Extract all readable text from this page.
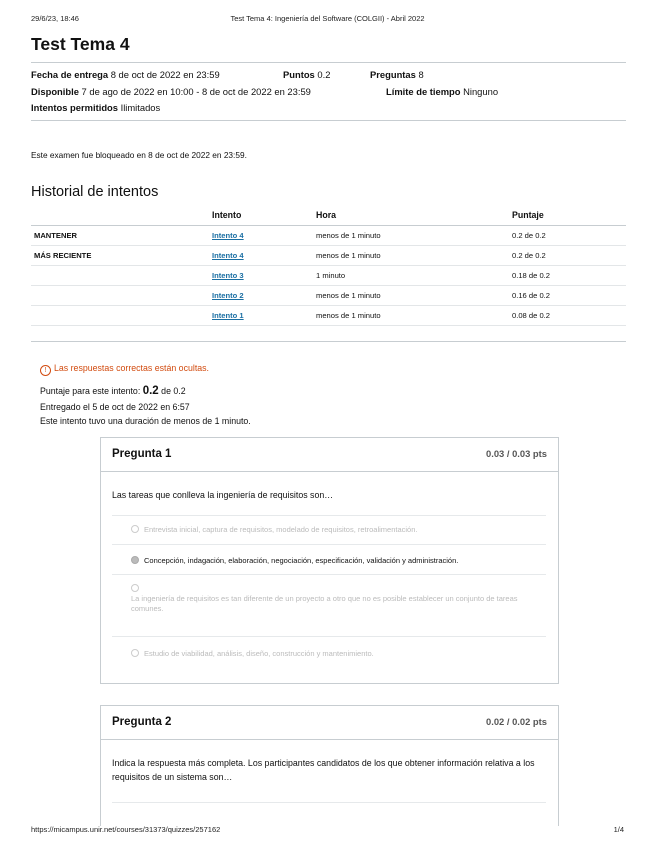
29/6/23, 18:46	Test Tema 4: Ingeniería del Software (COLGII) - Abril 2022
Test Tema 4
Fecha de entrega 8 de oct de 2022 en 23:59	Puntos 0.2	Preguntas 8
Disponible 7 de ago de 2022 en 10:00 - 8 de oct de 2022 en 23:59	Límite de tiempo Ninguno
Intentos permitidos Ilimitados
Este examen fue bloqueado en 8 de oct de 2022 en 23:59.
Historial de intentos
	Intento	Hora	Puntaje
MANTENER	Intento 4	menos de 1 minuto	0.2 de 0.2
MÁS RECIENTE	Intento 4	menos de 1 minuto	0.2 de 0.2
	Intento 3	1 minuto	0.18 de 0.2
	Intento 2	menos de 1 minuto	0.16 de 0.2
	Intento 1	menos de 1 minuto	0.08 de 0.2
! Las respuestas correctas están ocultas.
Puntaje para este intento: 0.2 de 0.2
Entregado el 5 de oct de 2022 en 6:57
Este intento tuvo una duración de menos de 1 minuto.
Pregunta 1	0.03 / 0.03 pts
Las tareas que conlleva la ingeniería de requisitos son…
Entrevista inicial, captura de requisitos, modelado de requisitos, retroalimentación.
Concepción, indagación, elaboración, negociación, especificación, validación y administración.

La ingeniería de requisitos es tan diferente de un proyecto a otro que no es posible establecer un conjunto de tareas comunes.
Estudio de viabilidad, análisis, diseño, construcción y mantenimiento.
Pregunta 2	0.02 / 0.02 pts
Indica la respuesta más completa. Los participantes candidatos de los que obtener información relativa a los requisitos de un sistema son…
https://micampus.unir.net/courses/31373/quizzes/257162	1/4
